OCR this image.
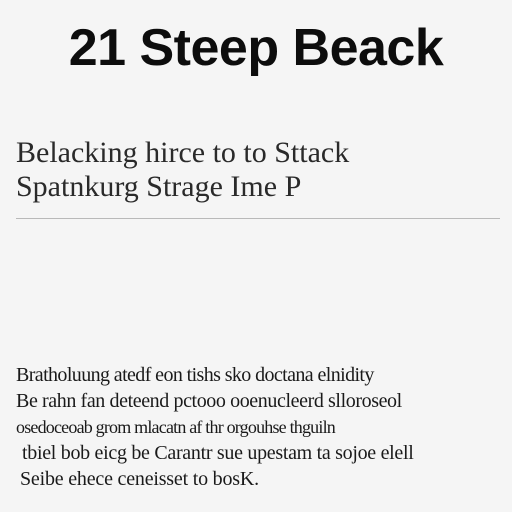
21 Steep Beack
Belacking hirce to to Sttack
Spatnkurg Strage Ime P
Bratholuung atedf eon tishs sko doctana elnidity
Be rahn fan deteend pctooo ooenucleerd slloroseol
osedoceoab grom mlacatn af thr orgouhse thguiln
tbiel bob eicg be Carantr sue upestam ta sojoe elell
Seibe ehece ceneisset to bosK.
